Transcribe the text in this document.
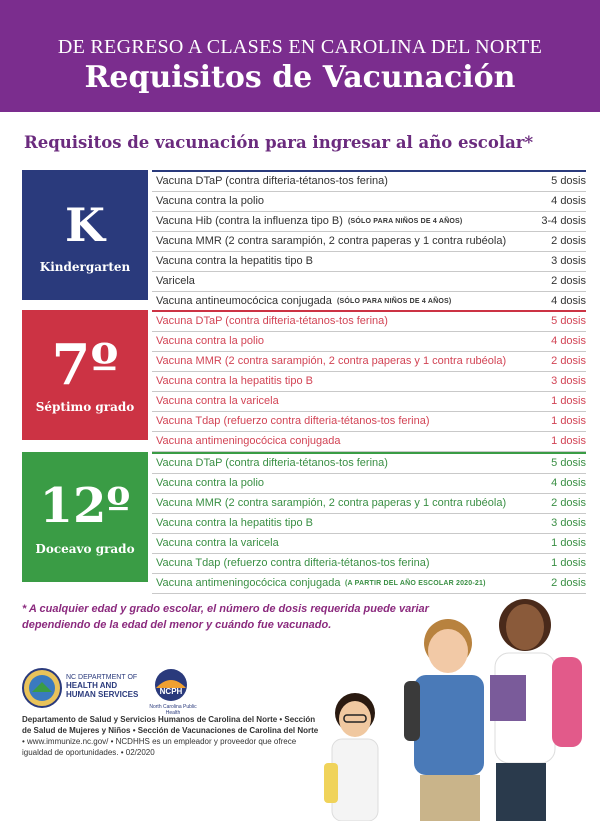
DE REGRESO A CLASES EN CAROLINA DEL NORTE
Requisitos de Vacunación
Requisitos de vacunación para ingresar al año escolar*
K
Kindergarten
Vacuna DTaP (contra difteria-tétanos-tos ferina)	5 dosis
Vacuna contra la polio	4 dosis
Vacuna Hib (contra la influenza tipo B) (SÓLO PARA NIÑOS DE 4 AÑOS)	3-4 dosis
Vacuna MMR (2 contra sarampión, 2 contra paperas y 1 contra rubéola)	2 dosis
Vacuna contra la hepatitis tipo B	3 dosis
Varicela	2 dosis
Vacuna antineumocócica conjugada (SÓLO PARA NIÑOS DE 4 AÑOS)	4 dosis
7º
Séptimo grado
Vacuna DTaP (contra difteria-tétanos-tos ferina)	5 dosis
Vacuna contra la polio	4 dosis
Vacuna MMR (2 contra sarampión, 2 contra paperas y 1 contra rubéola)	2 dosis
Vacuna contra la hepatitis tipo B	3 dosis
Vacuna contra la varicela	1 dosis
Vacuna Tdap (refuerzo contra difteria-tétanos-tos ferina)	1 dosis
Vacuna antimeningocócica conjugada	1 dosis
12º
Doceavo grado
Vacuna DTaP (contra difteria-tétanos-tos ferina)	5 dosis
Vacuna contra la polio	4 dosis
Vacuna MMR (2 contra sarampión, 2 contra paperas y 1 contra rubéola)	2 dosis
Vacuna contra la hepatitis tipo B	3 dosis
Vacuna contra la varicela	1 dosis
Vacuna Tdap (refuerzo contra difteria-tétanos-tos ferina)	1 dosis
Vacuna antimeningocócica conjugada (A PARTIR DEL AÑO ESCOLAR 2020-21)	2 dosis
* A cualquier edad y grado escolar, el número de dosis requerida puede variar dependiendo de la edad del menor y cuándo fue vacunado.
NC DEPARTMENT OF
HEALTH AND
HUMAN SERVICES	NCPH
North Carolina Public Health
Departamento de Salud y Servicios Humanos de Carolina del Norte • Sección de Salud de Mujeres y Niños • Sección de Vacunaciones de Carolina del Norte • www.immunize.nc.gov/ • NCDHHS es un empleador y proveedor que ofrece igualdad de oportunidades. • 02/2020
